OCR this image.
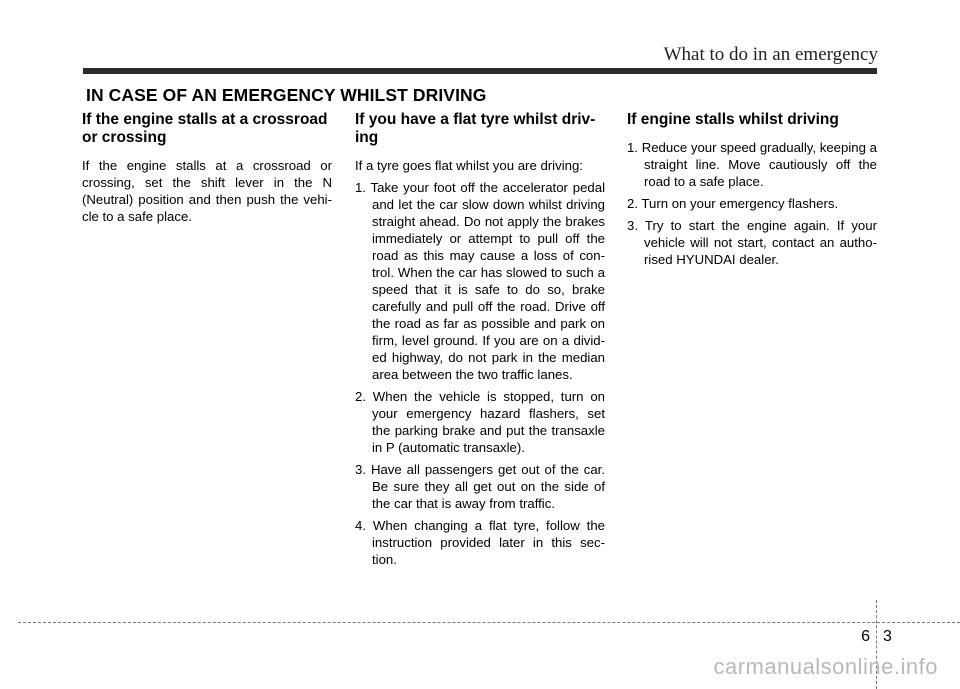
What to do in an emergency
IN CASE OF AN EMERGENCY WHILST DRIVING
If the engine stalls at a crossroad or crossing
If the engine stalls at a crossroad or crossing, set the shift lever in the N (Neutral) position and then push the vehi-cle to a safe place.
If you have a flat tyre whilst driv-ing
If a tyre goes flat whilst you are driving:
1. Take your foot off the accelerator pedal and let the car slow down whilst driving straight ahead. Do not apply the brakes immediately or attempt to pull off the road as this may cause a loss of con-trol. When the car has slowed to such a speed that it is safe to do so, brake carefully and pull off the road. Drive off the road as far as possible and park on firm, level ground. If you are on a divid-ed highway, do not park in the median area between the two traffic lanes.
2. When the vehicle is stopped, turn on your emergency hazard flashers, set the parking brake and put the transaxle in P (automatic transaxle).
3. Have all passengers get out of the car. Be sure they all get out on the side of the car that is away from traffic.
4. When changing a flat tyre, follow the instruction provided later in this sec-tion.
If engine stalls whilst driving
1. Reduce your speed gradually, keeping a straight line. Move cautiously off the road to a safe place.
2. Turn on your emergency flashers.
3. Try to start the engine again. If your vehicle will not start, contact an autho-rised HYUNDAI dealer.
6 3
carmanualsonline.info
